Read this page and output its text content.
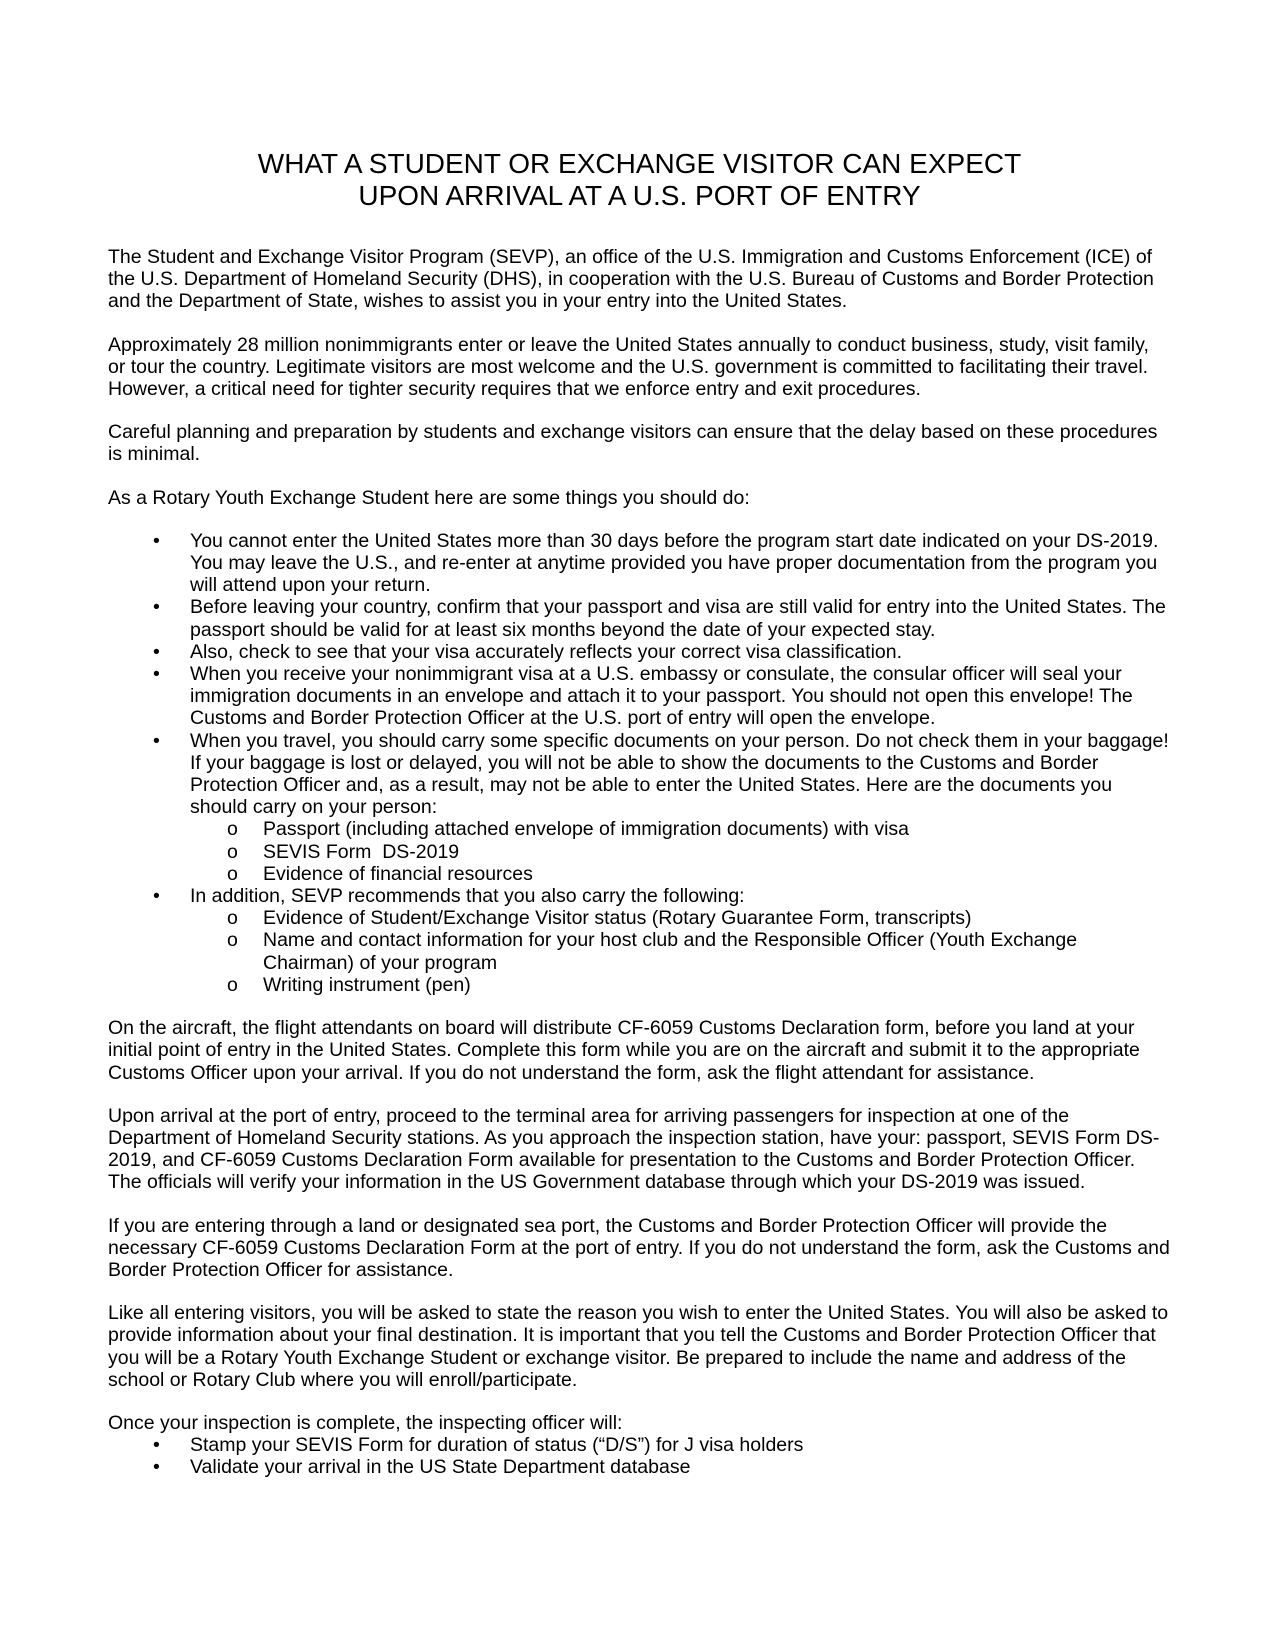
WHAT A STUDENT OR EXCHANGE VISITOR CAN EXPECT
UPON ARRIVAL AT A U.S. PORT OF ENTRY

The Student and Exchange Visitor Program (SEVP), an office of the U.S. Immigration and Customs Enforcement (ICE) of the U.S. Department of Homeland Security (DHS), in cooperation with the U.S. Bureau of Customs and Border Protection and the Department of State, wishes to assist you in your entry into the United States.

Approximately 28 million nonimmigrants enter or leave the United States annually to conduct business, study, visit family, or tour the country. Legitimate visitors are most welcome and the U.S. government is committed to facilitating their travel. However, a critical need for tighter security requires that we enforce entry and exit procedures.

Careful planning and preparation by students and exchange visitors can ensure that the delay based on these procedures is minimal.

As a Rotary Youth Exchange Student here are some things you should do:

• You cannot enter the United States more than 30 days before the program start date indicated on your DS-2019.  You may leave the U.S., and re-enter at anytime provided you have proper documentation from the program you will attend upon your return.
• Before leaving your country, confirm that your passport and visa are still valid for entry into the United States. The passport should be valid for at least six months beyond the date of your expected stay.
• Also, check to see that your visa accurately reflects your correct visa classification.
• When you receive your nonimmigrant visa at a U.S. embassy or consulate, the consular officer will seal your immigration documents in an envelope and attach it to your passport. You should not open this envelope! The Customs and Border Protection Officer at the U.S. port of entry will open the envelope.
• When you travel, you should carry some specific documents on your person. Do not check them in your baggage! If your baggage is lost or delayed, you will not be able to show the documents to the Customs and Border Protection Officer and, as a result, may not be able to enter the United States. Here are the documents you should carry on your person:
o Passport (including attached envelope of immigration documents) with visa
o SEVIS Form  DS-2019
o Evidence of financial resources
• In addition, SEVP recommends that you also carry the following:
o Evidence of Student/Exchange Visitor status (Rotary Guarantee Form, transcripts)
o Name and contact information for your host club and the Responsible Officer (Youth Exchange Chairman) of your program
o Writing instrument (pen)

On the aircraft, the flight attendants on board will distribute CF-6059 Customs Declaration form, before you land at your initial point of entry in the United States. Complete this form while you are on the aircraft and submit it to the appropriate Customs Officer upon your arrival. If you do not understand the form, ask the flight attendant for assistance.

Upon arrival at the port of entry, proceed to the terminal area for arriving passengers for inspection at one of the Department of Homeland Security stations. As you approach the inspection station, have your: passport, SEVIS Form DS-2019, and CF-6059 Customs Declaration Form available for presentation to the Customs and Border Protection Officer. The officials will verify your information in the US Government database through which your DS-2019 was issued.

If you are entering through a land or designated sea port, the Customs and Border Protection Officer will provide the necessary CF-6059 Customs Declaration Form at the port of entry. If you do not understand the form, ask the Customs and Border Protection Officer for assistance.

Like all entering visitors, you will be asked to state the reason you wish to enter the United States. You will also be asked to provide information about your final destination. It is important that you tell the Customs and Border Protection Officer that you will be a Rotary Youth Exchange Student or exchange visitor. Be prepared to include the name and address of the school or Rotary Club where you will enroll/participate.

Once your inspection is complete, the inspecting officer will:

• Stamp your SEVIS Form for duration of status (“D/S”) for J visa holders
• Validate your arrival in the US State Department database
